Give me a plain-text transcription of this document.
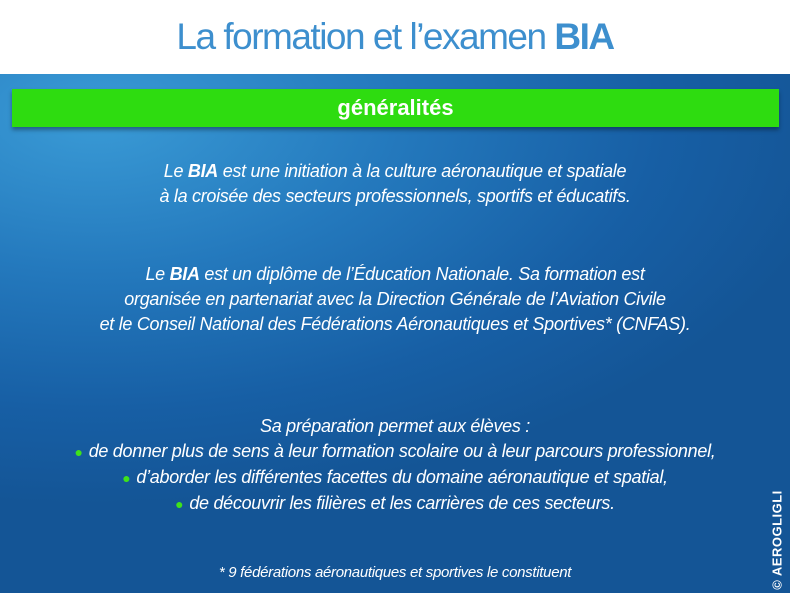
La formation et l’examen BIA
généralités

Le BIA est une initiation à la culture aéronautique et spatiale

à la croisée des secteurs professionnels, sportifs et éducatifs.

Le BIA est un diplôme de l’Éducation Nationale. Sa formation est

organisée en partenariat avec la Direction Générale de l’Aviation Civile

et le Conseil National des Fédérations Aéronautiques et Sportives* (CNFAS).

Sa préparation permet aux élèves :

● de donner plus de sens à leur formation scolaire ou à leur parcours professionnel,

● d’aborder les différentes facettes du domaine aéronautique et spatial,

● de découvrir les filières et les carrières de ces secteurs.

* 9 fédérations aéronautiques et sportives le constituent	© AEROGLIGLI
